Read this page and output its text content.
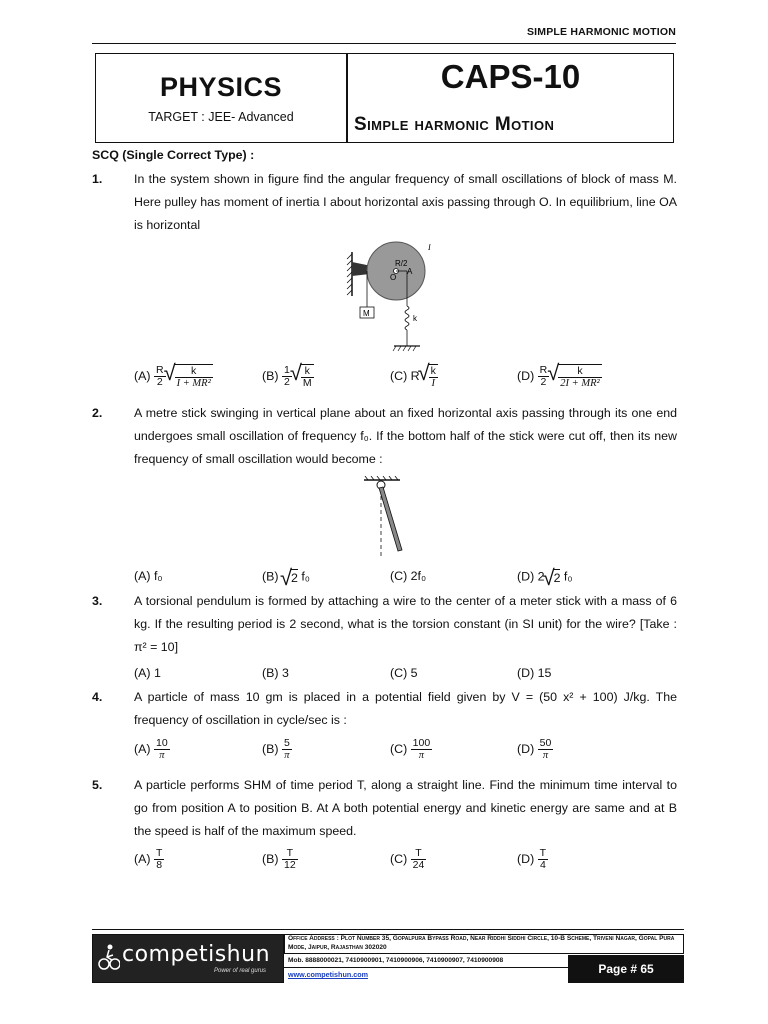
SIMPLE HARMONIC MOTION
PHYSICS
TARGET : JEE- Advanced
CAPS-10
Simple harmonic Motion
SCQ (Single Correct Type) :
1.	In the system shown in figure find the angular frequency of small oscillations of block of mass M. Here pulley has moment of inertia I about horizontal axis passing through O. In equilibrium, line OA is horizontal
R/2
A
O
I
M
k
$(A) \frac{R}{2}$ √ $\frac{k}{\text{I + MR²}}$	$(B) \frac{1}{2}$ √ $\frac{k}{M}$	(C) R √ $\frac{k}{I}$	$(D) \frac{R}{2}$ √ $\frac{k}{\text{2I + MR²}}$
2.	A metre stick swinging in vertical plane about an fixed horizontal axis passing through its one end undergoes small oscillation of frequency f₀. If the bottom half of the stick were cut off, then its new frequency of small oscillation would become :
(A) f₀	(B) √ 2 f₀	(C) 2f₀	(D) 2 √ 2 f₀
3.	A torsional pendulum is formed by attaching a wire to the center of a meter stick with a mass of 6 kg. If the resulting period is 2 second, what is the torsion constant (in SI unit) for the wire? [Take : π² = 10]
(A) 1	(B) 3	(C) 5	(D) 15
4.	A particle of mass 10 gm is placed in a potential field given by V = (50 x² + 100) J/kg. The frequency of oscillation in cycle/sec is :
$(A) \frac{10}{\pi}$	$(B) \frac{5}{\pi}$	$(C) \frac{100}{\pi}$	$(D) \frac{50}{\pi}$
5.	A particle performs SHM of time period T, along a straight line. Find the minimum time interval to go from position A to position B. At A both potential energy and kinetic energy are same and at B the speed is half of the maximum speed.
$(A) \frac{T}{8}$	$(B) \frac{T}{12}$	$(C) \frac{T}{24}$	$(D) \frac{T}{4}$
competishun
Power of real gurus
Office Address : Plot Number 35, Gopalpura Bypass Road, Near Riddhi Siddhi Circle, 10-B Scheme, Triveni Nagar, Gopal Pura Mode, Jaipur, Rajasthan 302020
Mob. 8888000021, 7410900901, 7410900906, 7410900907, 7410900908
www.competishun.com	Page # 65
